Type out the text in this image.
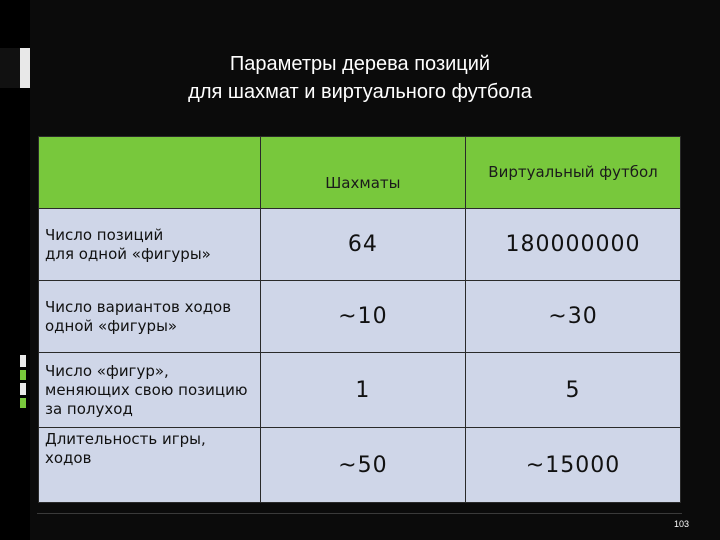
Параметры дерева позиций
для шахмат и виртуального футбола
	Шахматы	Виртуальный футбол

Число позиций
для одной «фигуры»	64	180000000

Число вариантов ходов
одной «фигуры»	~10	~30

Число «фигур»,
меняющих свою позицию
за полуход	1	5

Длительность игры,
ходов	~50	~15000
103
